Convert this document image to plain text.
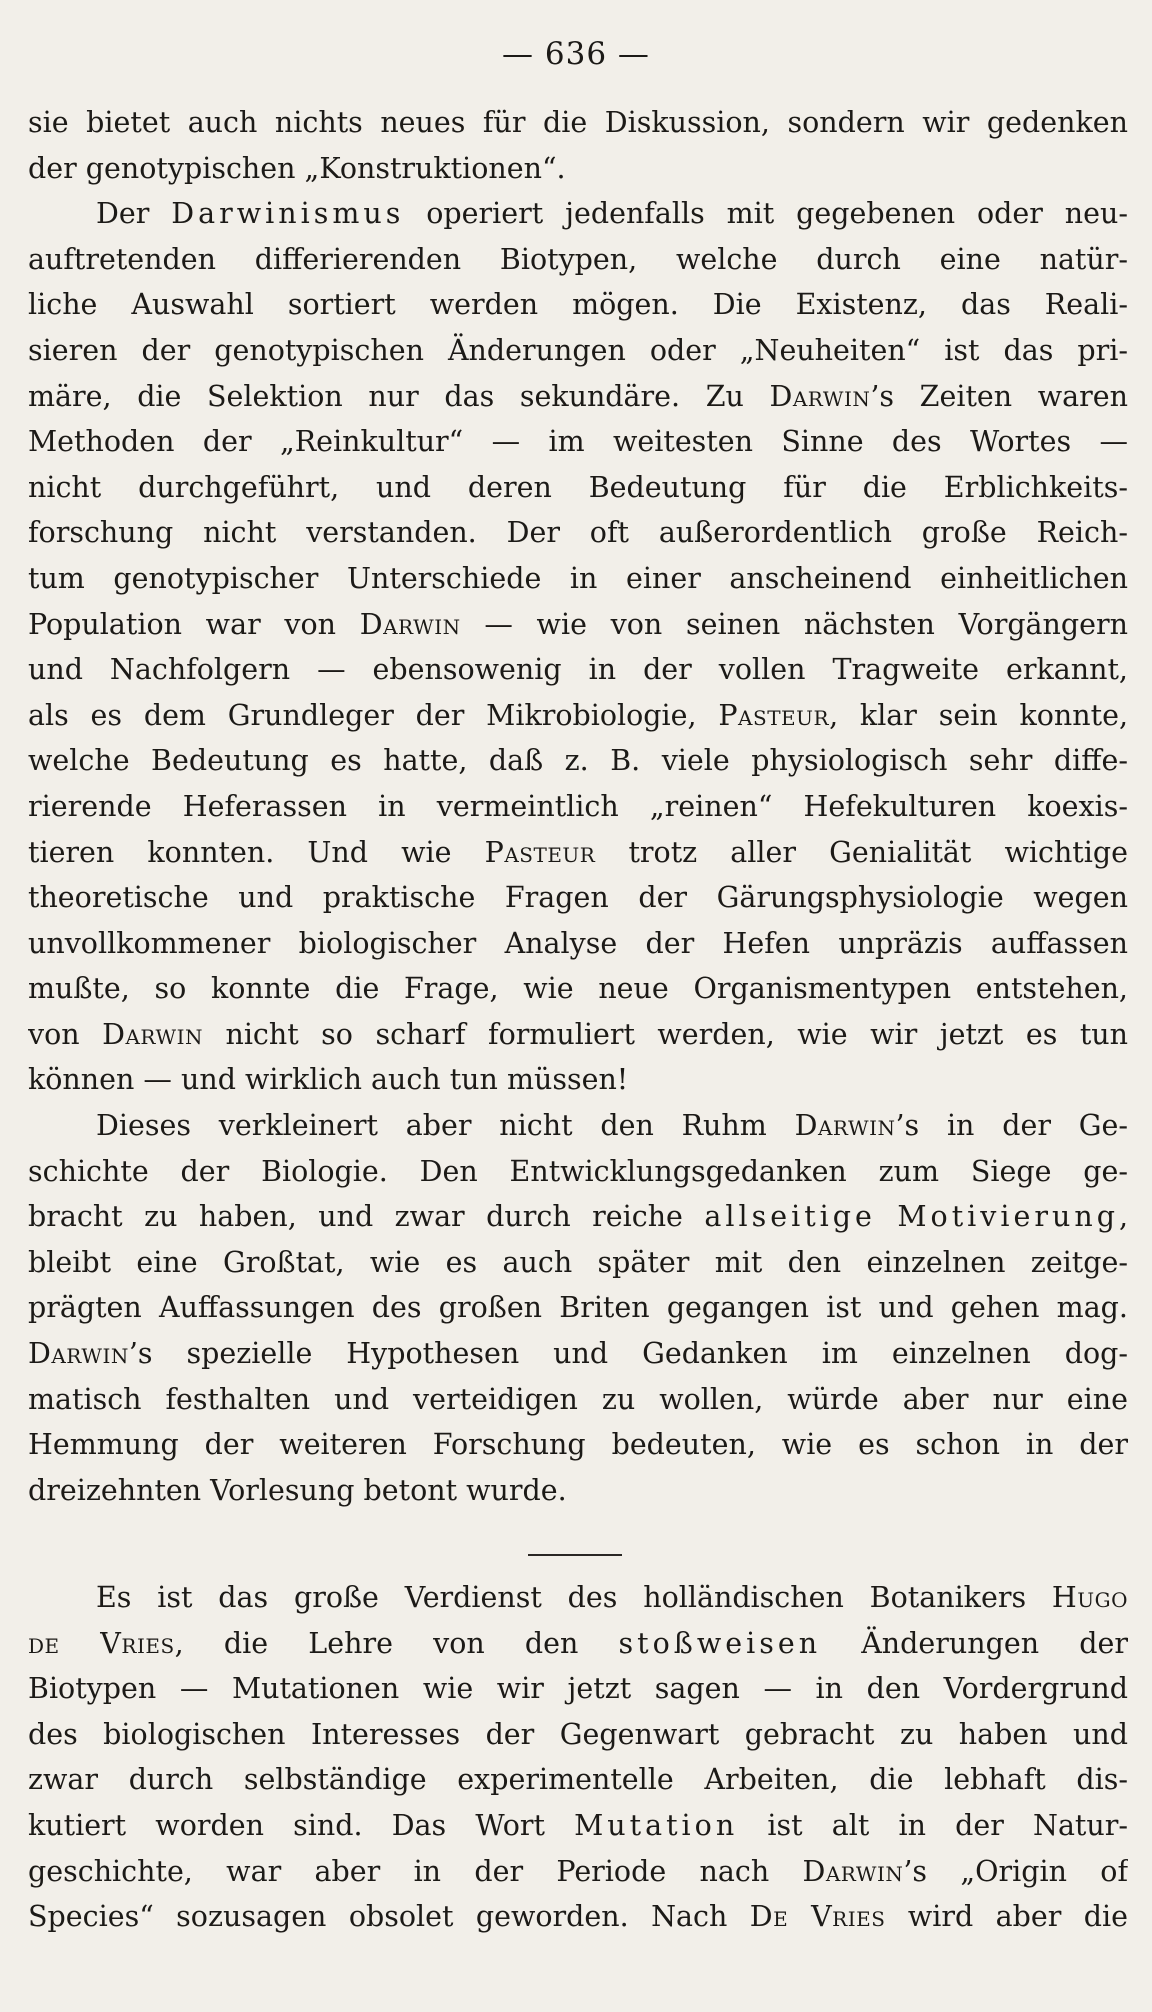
— 636 —
sie bietet auch nichts neues für die Diskussion, sondern wir gedenken
der genotypischen „Konstruktionen“.
Der Darwinismus operiert jedenfalls mit gegebenen oder neu-
auftretenden differierenden Biotypen, welche durch eine natür-
liche Auswahl sortiert werden mögen. Die Existenz, das Reali-
sieren der genotypischen Änderungen oder „Neuheiten“ ist das pri-
märe, die Selektion nur das sekundäre. Zu Darwin’s Zeiten waren
Methoden der „Reinkultur“ — im weitesten Sinne des Wortes —
nicht durchgeführt, und deren Bedeutung für die Erblichkeits-
forschung nicht verstanden. Der oft außerordentlich große Reich-
tum genotypischer Unterschiede in einer anscheinend einheitlichen
Population war von Darwin — wie von seinen nächsten Vorgängern
und Nachfolgern — ebensowenig in der vollen Tragweite erkannt,
als es dem Grundleger der Mikrobiologie, Pasteur, klar sein konnte,
welche Bedeutung es hatte, daß z. B. viele physiologisch sehr diffe-
rierende Heferassen in vermeintlich „reinen“ Hefekulturen koexis-
tieren konnten. Und wie Pasteur trotz aller Genialität wichtige
theoretische und praktische Fragen der Gärungsphysiologie wegen
unvollkommener biologischer Analyse der Hefen unpräzis auffassen
mußte, so konnte die Frage, wie neue Organismentypen entstehen,
von Darwin nicht so scharf formuliert werden, wie wir jetzt es tun
können — und wirklich auch tun müssen!
Dieses verkleinert aber nicht den Ruhm Darwin’s in der Ge-
schichte der Biologie. Den Entwicklungsgedanken zum Siege ge-
bracht zu haben, und zwar durch reiche allseitige Motivierung,
bleibt eine Großtat, wie es auch später mit den einzelnen zeitge-
prägten Auffassungen des großen Briten gegangen ist und gehen mag.
Darwin’s spezielle Hypothesen und Gedanken im einzelnen dog-
matisch festhalten und verteidigen zu wollen, würde aber nur eine
Hemmung der weiteren Forschung bedeuten, wie es schon in der
dreizehnten Vorlesung betont wurde.
Es ist das große Verdienst des holländischen Botanikers Hugo
de Vries, die Lehre von den stoßweisen Änderungen der
Biotypen — Mutationen wie wir jetzt sagen — in den Vordergrund
des biologischen Interesses der Gegenwart gebracht zu haben und
zwar durch selbständige experimentelle Arbeiten, die lebhaft dis-
kutiert worden sind. Das Wort Mutation ist alt in der Natur-
geschichte, war aber in der Periode nach Darwin’s „Origin of
Species“ sozusagen obsolet geworden. Nach De Vries wird aber die
